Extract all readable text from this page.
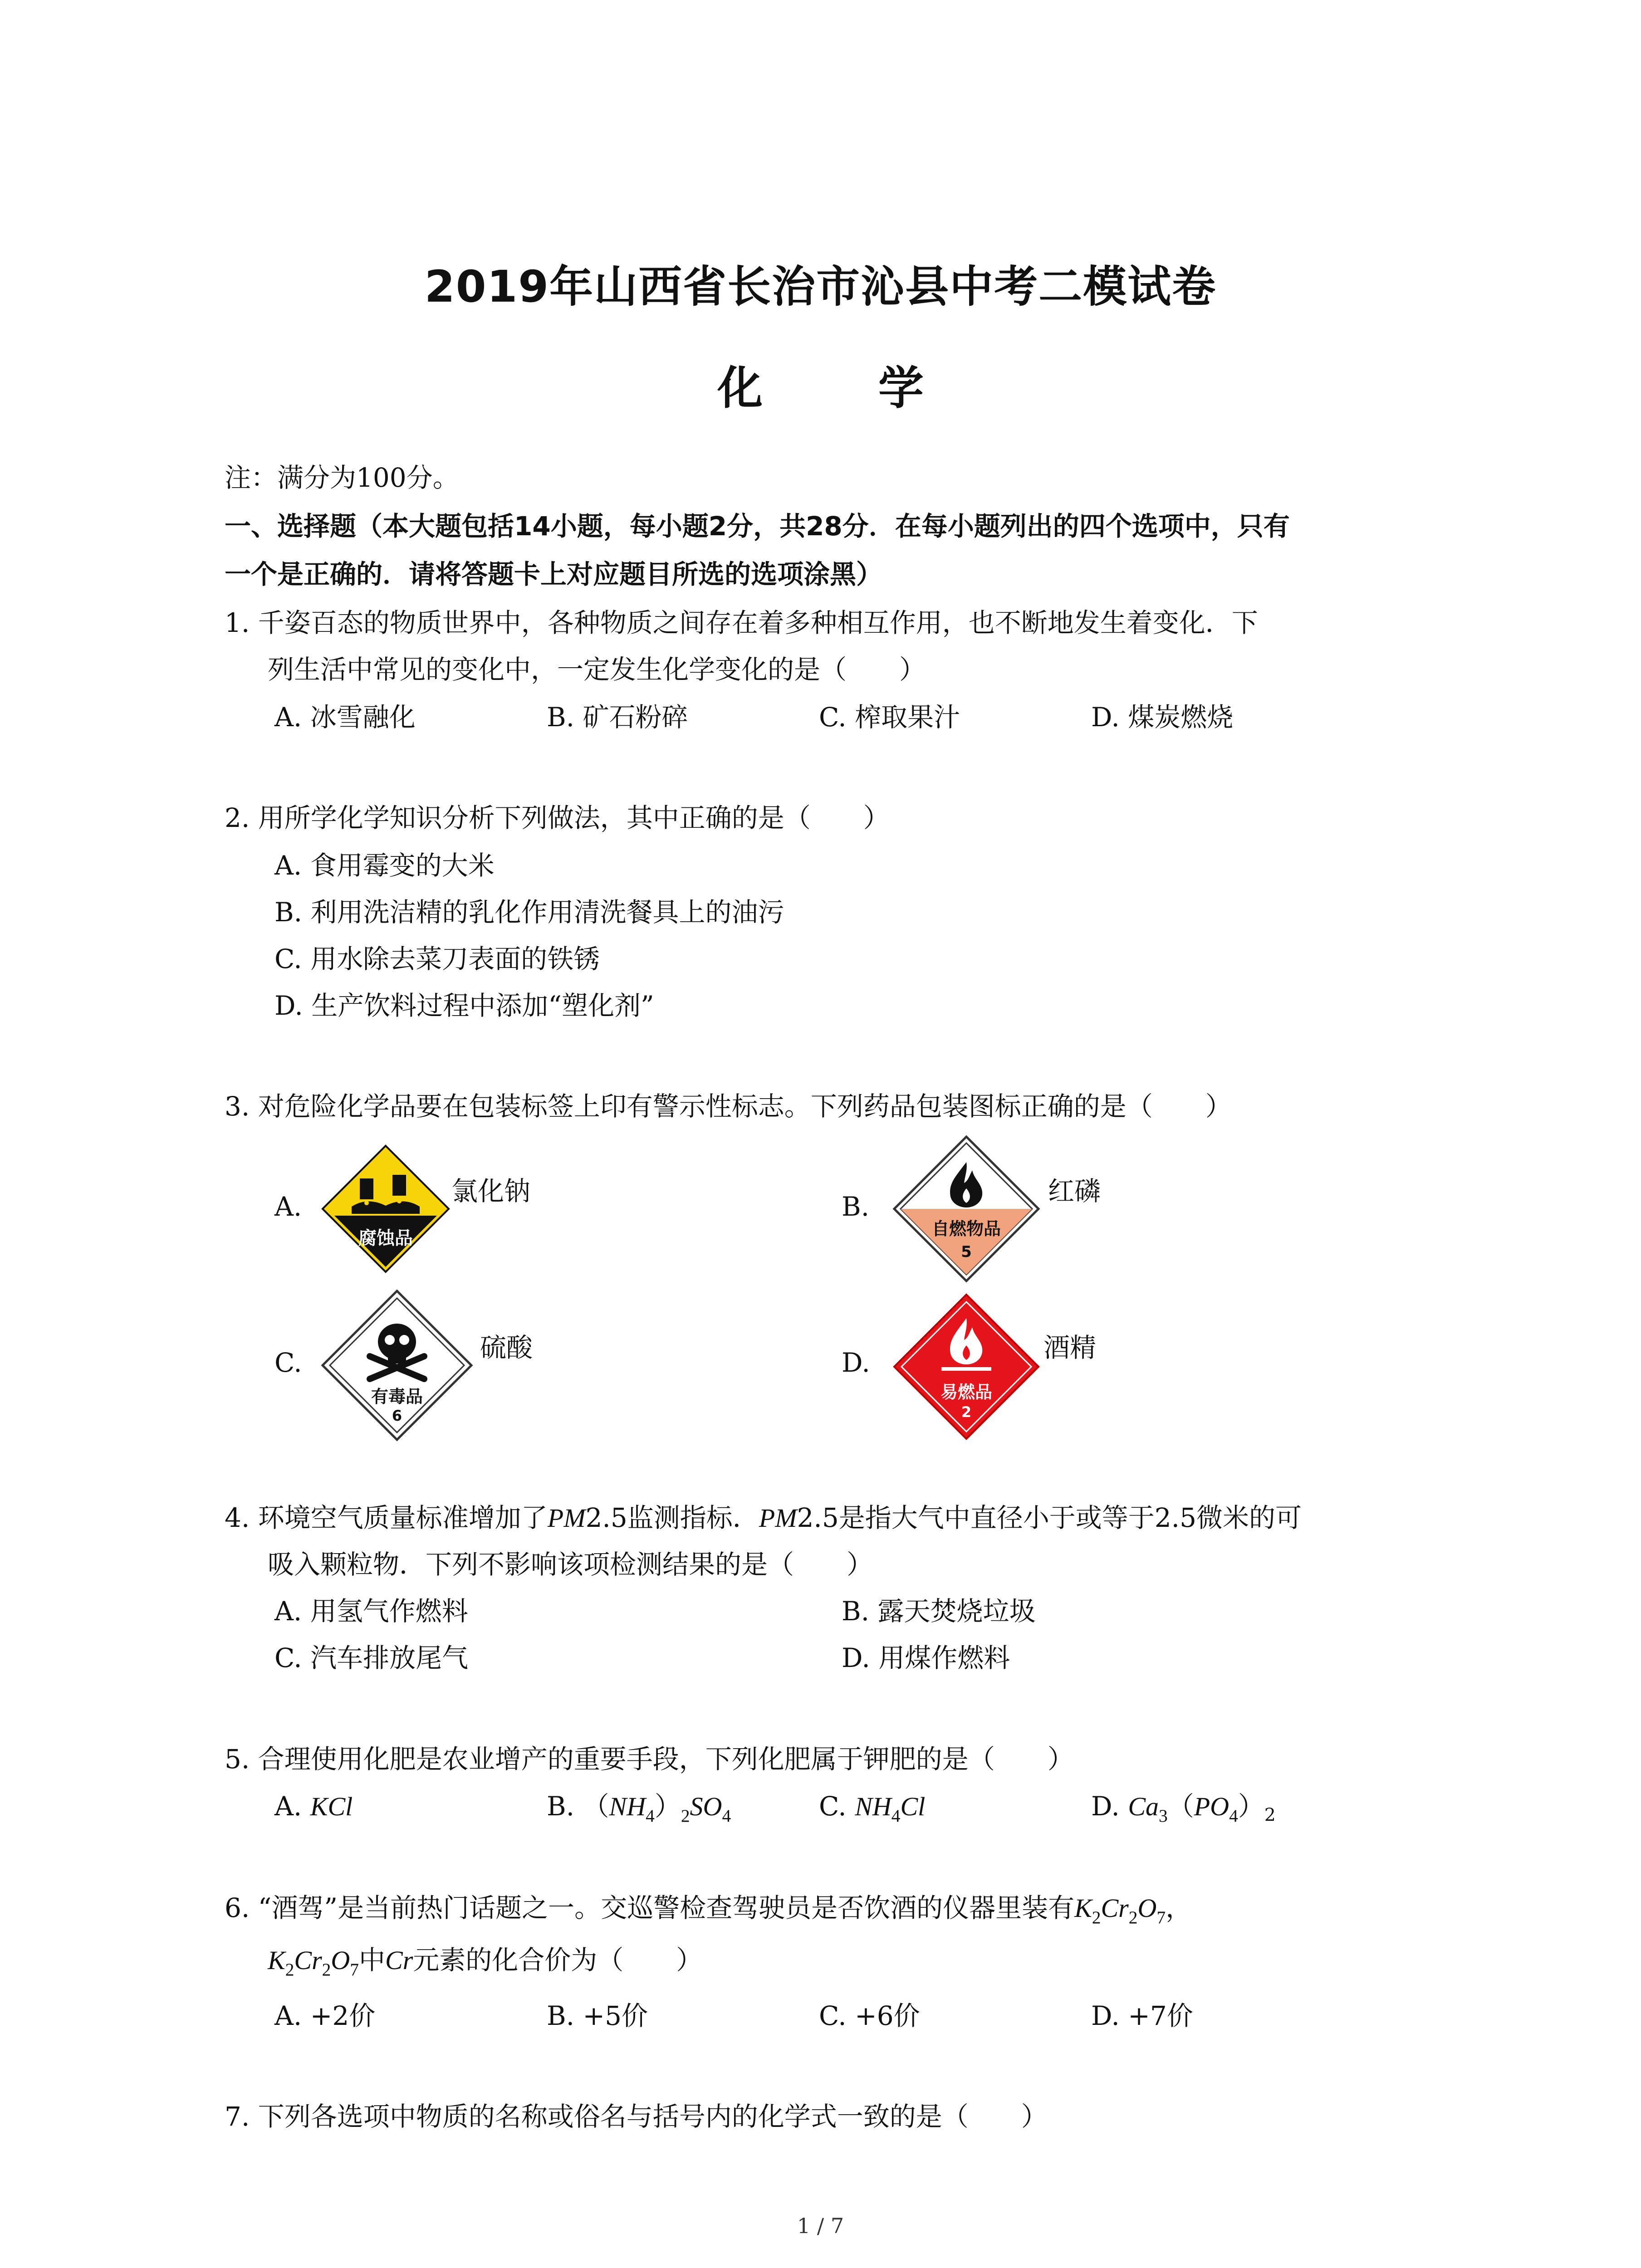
2019年山西省长治市沁县中考二模试卷
化 学
注：满分为100分。
一、选择题（本大题包括14小题，每小题2分，共28分．在每小题列出的四个选项中，只有
一个是正确的．请将答题卡上对应题目所选的选项涂黑）
1. 千姿百态的物质世界中，各种物质之间存在着多种相互作用，也不断地发生着变化．下
列生活中常见的变化中，一定发生化学变化的是（　　）
A. 冰雪融化	B. 矿石粉碎	C. 榨取果汁	D. 煤炭燃烧
2. 用所学化学知识分析下列做法，其中正确的是（　　）
A. 食用霉变的大米
B. 利用洗洁精的乳化作用清洗餐具上的油污
C. 用水除去菜刀表面的铁锈
D. 生产饮料过程中添加“塑化剂”
3. 对危险化学品要在包装标签上印有警示性标志。下列药品包装图标正确的是（　　）
A.
腐蚀品
氯化钠	B.
自燃物品
5
红磷
C.
有毒品
6
硫酸	D.
易燃品
2
酒精
4. 环境空气质量标准增加了PM2.5监测指标．PM2.5是指大气中直径小于或等于2.5微米的可
吸入颗粒物．下列不影响该项检测结果的是（　　）
A. 用氢气作燃料	B. 露天焚烧垃圾
C. 汽车排放尾气	D. 用煤作燃料
5. 合理使用化肥是农业增产的重要手段，下列化肥属于钾肥的是（　　）
A. KCl	B. $(NH_4)_2SO_4$	C. $NH_4Cl$	D. $Ca_3(PO_4)_2$
6. “酒驾”是当前热门话题之一。交巡警检查驾驶员是否饮酒的仪器里装有$K_2Cr_2O_7$，
$K_2Cr_2O_7$中Cr元素的化合价为（　　）
A. +2价	B. +5价	C. +6价	D. +7价
7. 下列各选项中物质的名称或俗名与括号内的化学式一致的是（　　）
1 / 7
